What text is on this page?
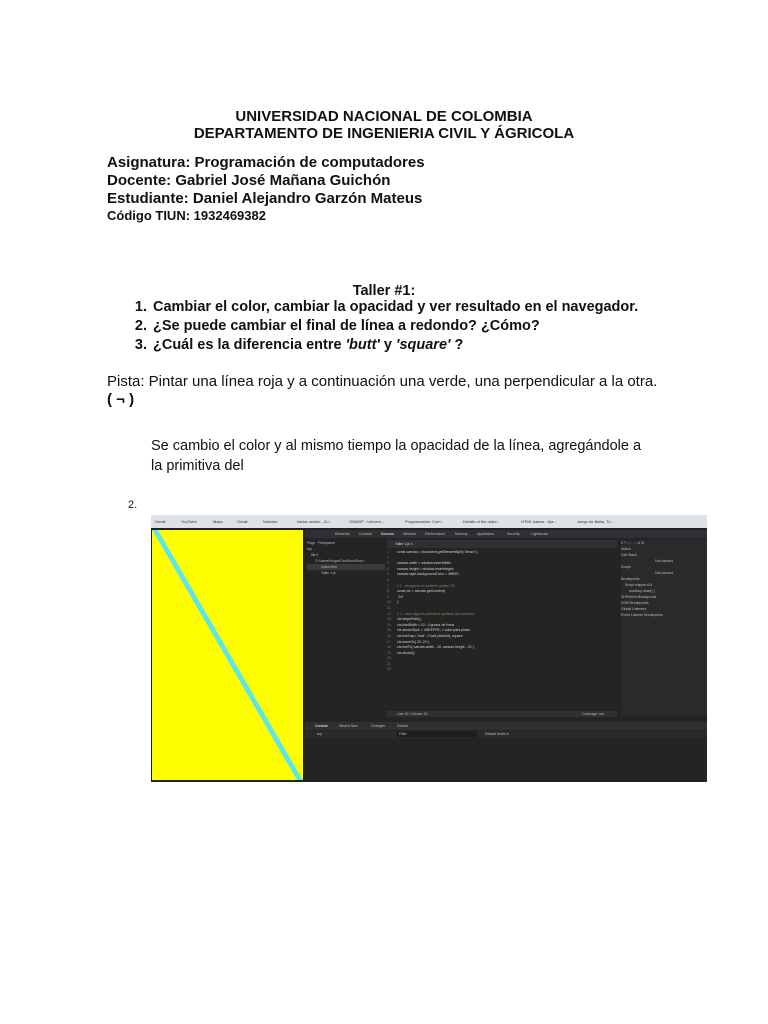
UNIVERSIDAD NACIONAL DE COLOMBIA
DEPARTAMENTO DE INGENIERIA CIVIL Y ÁGRICOLA
Asignatura: Programación de computadores
Docente: Gabriel José Mañana Guichón
Estudiante: Daniel Alejandro Garzón Mateus
Código TIUN: 1932469382
Taller #1:
1. Cambiar el color, cambiar la opacidad y ver resultado en el navegador.
2. ¿Se puede cambiar el final de línea a redondo? ¿Cómo?
3. ¿Cuál es la diferencia entre 'butt' y 'square' ?
Pista: Pintar una línea roja y a continuación una verde, una perpendicular a la otra.
( ¬ )
Se cambio el color y al mismo tiempo la opacidad de la línea, agregándole a
la primitiva del
2.
Gmail	YouTube	Maps	Gmail	Noticias	Iniciar sesión - Zo...	OWASP - Univers...	Programación: Com...	Details of the objec...	HTML basics - Apr...	Juego de Batta, Tu...
Elements	Console	Sources	Network	Performance	Memory	Application	Security	Lighthouse
Page Filesystem
top
file://
C:/Users/Hogar/OneDrive/Escri
index.html
Taller 1.js
Taller 1.js ×
1 const canvas = document.getElementById( 'lienzo' );
2
3 canvas.width = window.innerWidth;
4 canvas.height = window.innerHeight;
5 canvas.style.backgroundColor = '#ffff00';
6
7 // 1 - recuperar el contexto gráfico 2D
8 const ctx = canvas.getContext(
9 '2d'
10 );
11
12 // 2 - usar algunas primitivas gráficas del contexto
13 ctx.beginPath();
14 ctx.lineWidth = 10 ; // grosor de línea
15 ctx.strokeStyle = '#5EEFF8'; // color para pintar
16 ctx.lineCap= 'butt' ; // butt (default), square
17 ctx.moveTo( 20, 20 );
18 ctx.lineTo( canvas.width - 20, canvas.height - 20 );
19 ctx.stroke();
20
21
22
Line 15, Column 15	Coverage: n/a
‖ ↷ ↓ ↑ → ⊘ ⚙
Watch
Call Stack
Not paused
Scope
Not paused
Breakpoints
Script snippet #11
ancillary draw() {
XHR/fetch Breakpoints
DOM Breakpoints
Global Listeners
Event Listener Breakpoints
Console	What's New	Changes	Search
top	Filter	Default levels ▾
